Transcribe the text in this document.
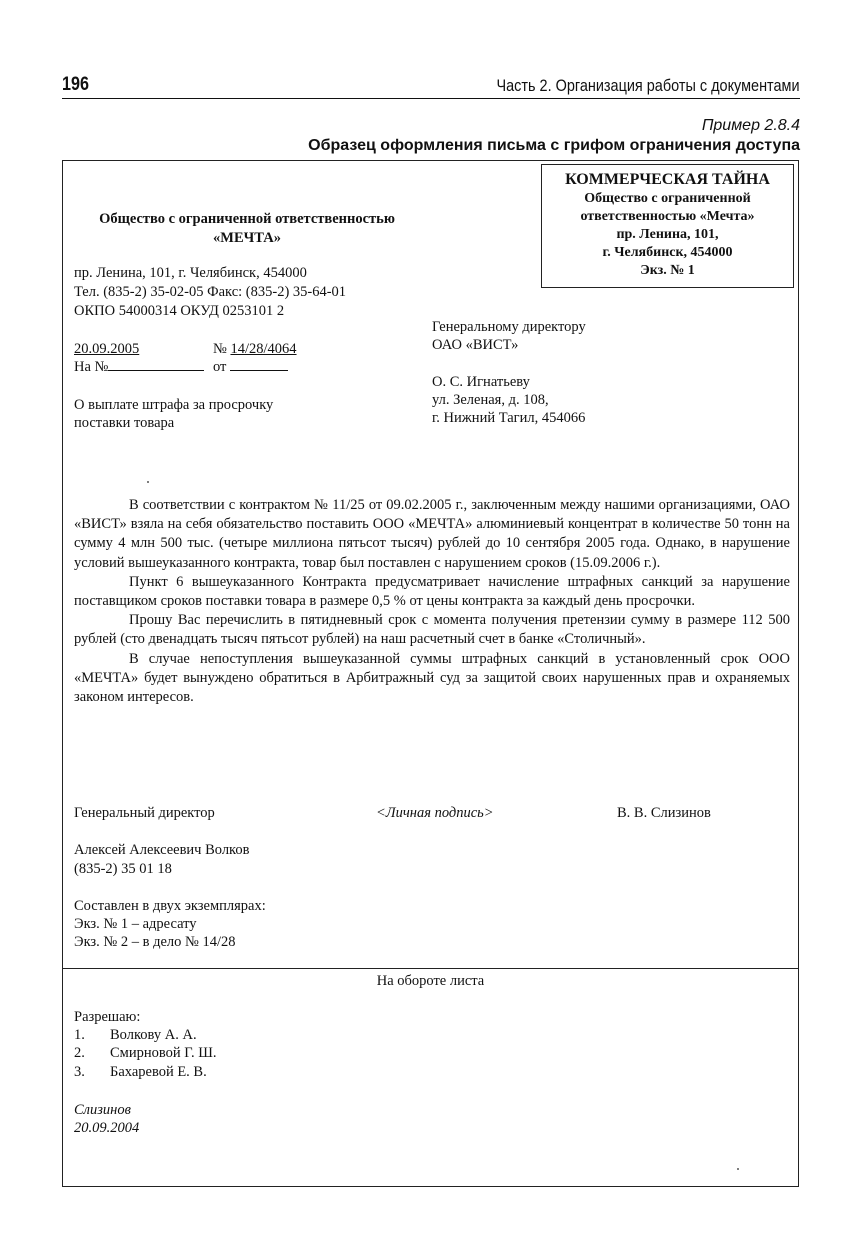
196	Часть 2. Организация работы с документами
Пример 2.8.4
Образец оформления письма с грифом ограничения доступа
КОММЕРЧЕСКАЯ ТАЙНА
Общество с ограниченной
ответственностью «Мечта»
пр. Ленина, 101,
г. Челябинск, 454000
Экз. № 1
Общество с ограниченной ответственностью
«МЕЧТА»
пр. Ленина, 101, г. Челябинск, 454000
Тел. (835-2) 35-02-05 Факс: (835-2) 35-64-01
ОКПО 54000314 ОКУД 0253101 2
20.09.2005	№ 14/28/4064
На №	от
О выплате штрафа за просрочку
поставки товара
Генеральному директору
ОАО «ВИСТ»
О. С. Игнатьеву
ул. Зеленая, д. 108,
г. Нижний Тагил, 454066

В соответствии с контрактом № 11/25 от 09.02.2005 г., заключенным между нашими организациями, ОАО «ВИСТ» взяла на себя обязательство поставить ООО «МЕЧТА» алюминиевый концентрат в количестве 50 тонн на сумму 4 млн 500 тыс. (четыре миллиона пятьсот тысяч) рублей до 10 сентября 2005 года. Однако, в нарушение условий вышеуказанного контракта, товар был поставлен с нарушением сроков (15.09.2006 г.).

Пункт 6 вышеуказанного Контракта предусматривает начисление штрафных санкций за нарушение поставщиком сроков поставки товара в размере 0,5 % от цены контракта за каждый день просрочки.

Прошу Вас перечислить в пятидневный срок с момента получения претензии сумму в размере 112 500 рублей (сто двенадцать тысяч пятьсот рублей) на наш расчетный счет в банке «Столичный».

В случае непоступления вышеуказанной суммы штрафных санкций в установленный срок ООО «МЕЧТА» будет вынуждено обратиться в Арбитражный суд за защитой своих нарушенных прав и охраняемых законом интересов.

Генеральный директор	<Личная подпись>	В. В. Слизинов
Алексей Алексеевич Волков
(835-2) 35 01 18
Составлен в двух экземплярах:
Экз. № 1 – адресату
Экз. № 2 – в дело № 14/28
На обороте листа
Разрешаю:
1. Волкову А. А.
2. Смирновой Г. Ш.
3. Бахаревой Е. В.
Слизинов
20.09.2004
